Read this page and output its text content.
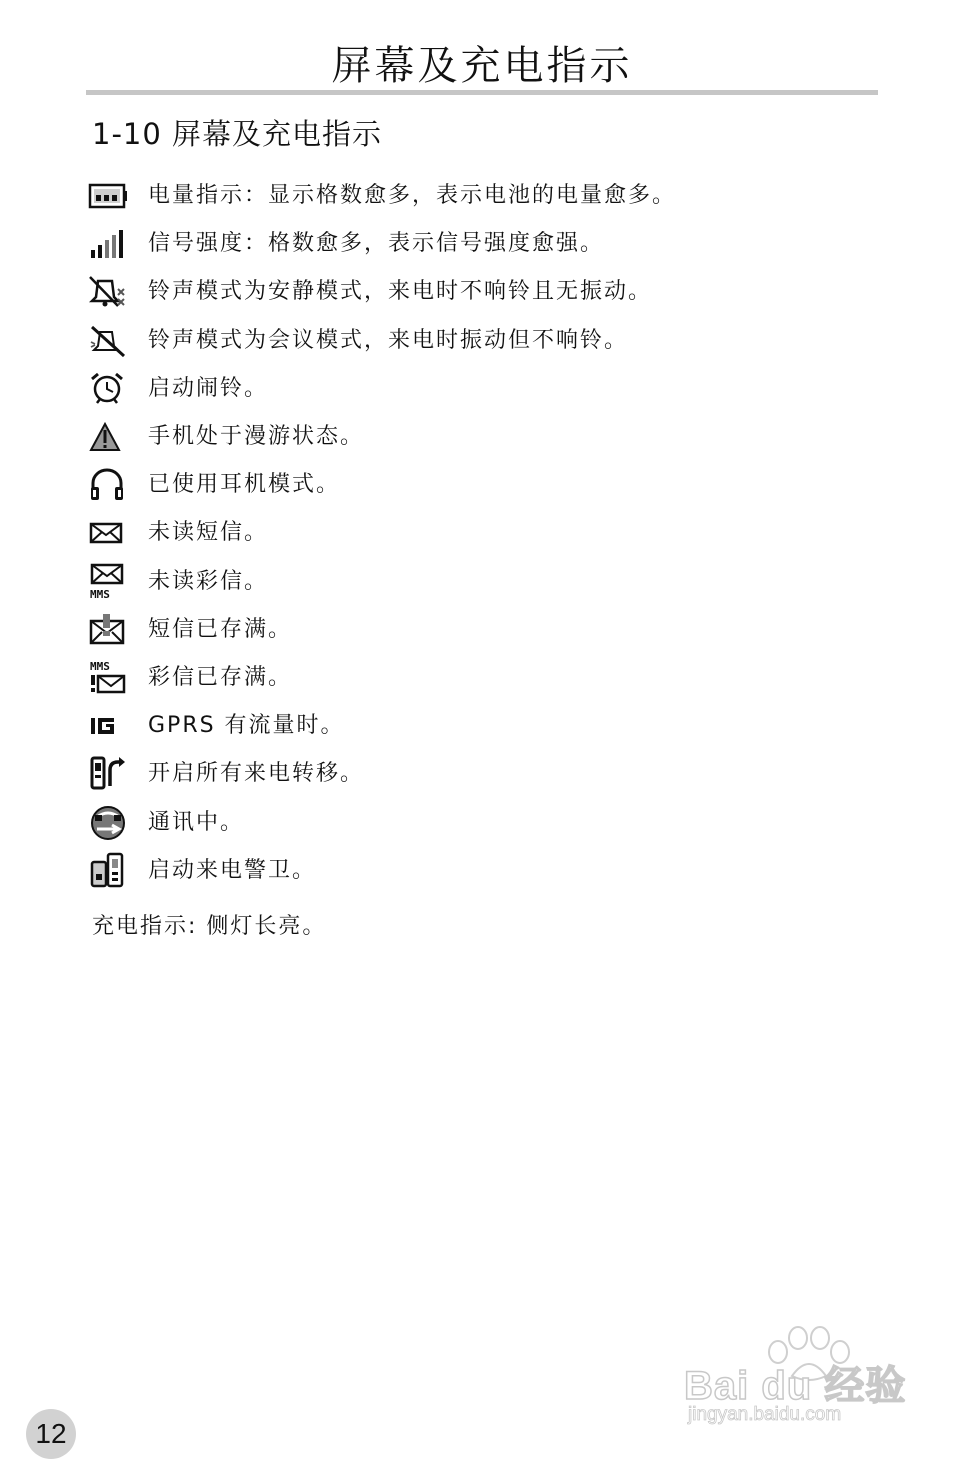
屏幕及充电指示
1-10 屏幕及充电指示
电量指示：显示格数愈多，表示电池的电量愈多。
信号强度：格数愈多，表示信号强度愈强。
铃声模式为安静模式，来电时不响铃且无振动。
铃声模式为会议模式，来电时振动但不响铃。
启动闹铃。
手机处于漫游状态。
已使用耳机模式。
未读短信。
MMS
未读彩信。
短信已存满。
MMS 彩信已存满。
GPRS 有流量时。
开启所有来电转移。
通讯中。
启动来电警卫。
充电指示: 侧灯长亮。
Bai du 经验
jingyan.baidu.com
12
